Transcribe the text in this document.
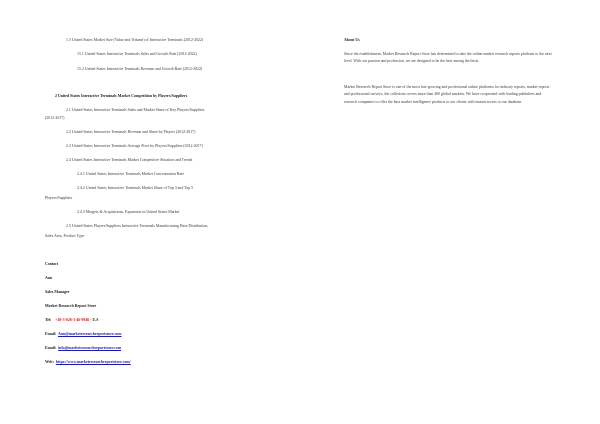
1.5 United States Market Size (Value and Volume) of Interactive Terminals (2012-2022)
15.1 United States Interactive Terminals Sales and Growth Rate (2012-2022)
15.2 United States Interactive Terminals Revenue and Growth Rate (2012-2022)
2 United States Interactive Terminals Market Competition by Players/Suppliers
2.1 United States Interactive Terminals Sales and Market Share of Key Players/Suppliers
(2012-2017)
2.2 United States Interactive Terminals Revenue and Share by Players (2012-2017)
2.3 United States Interactive Terminals Average Price by Players/Suppliers (2012-2017)
2.4 United States Interactive Terminals Market Competitive Situation and Trends
2.4.1 United States Interactive Terminals Market Concentration Rate
2.4.2 United States Interactive Terminals Market Share of Top 3 and Top 5
Players/Suppliers
2.4.3 Mergers & Acquisitions, Expansion in United States Market
2.5 United States Players/Suppliers Interactive Terminals Manufacturing Base Distribution,
Sales Area, Product Type
Contact
Ann
Sales Manager
Market Research Report Store
Tel: +49-3-626-3-46-9946 - U.S
Email: Ann@marketresearchreportstore.com
Email: info@marketresearchreportstore.com
Web: https://www.marketresearchreportstore.com/
About Us
Since the establishment, Market Research Report Store has determined to take the online market research reports platform to the next level. With our passion and profession, we are designed to be the best among the bests.
Market Research Report Store is one of the most fast-growing and professional online platforms for industry reports, market reports and professional surveys, the collection covers more than 400 global markets. We have cooperated with leading publishers and research companies to offer the best market intelligence products to our clients with instant access to our database.
